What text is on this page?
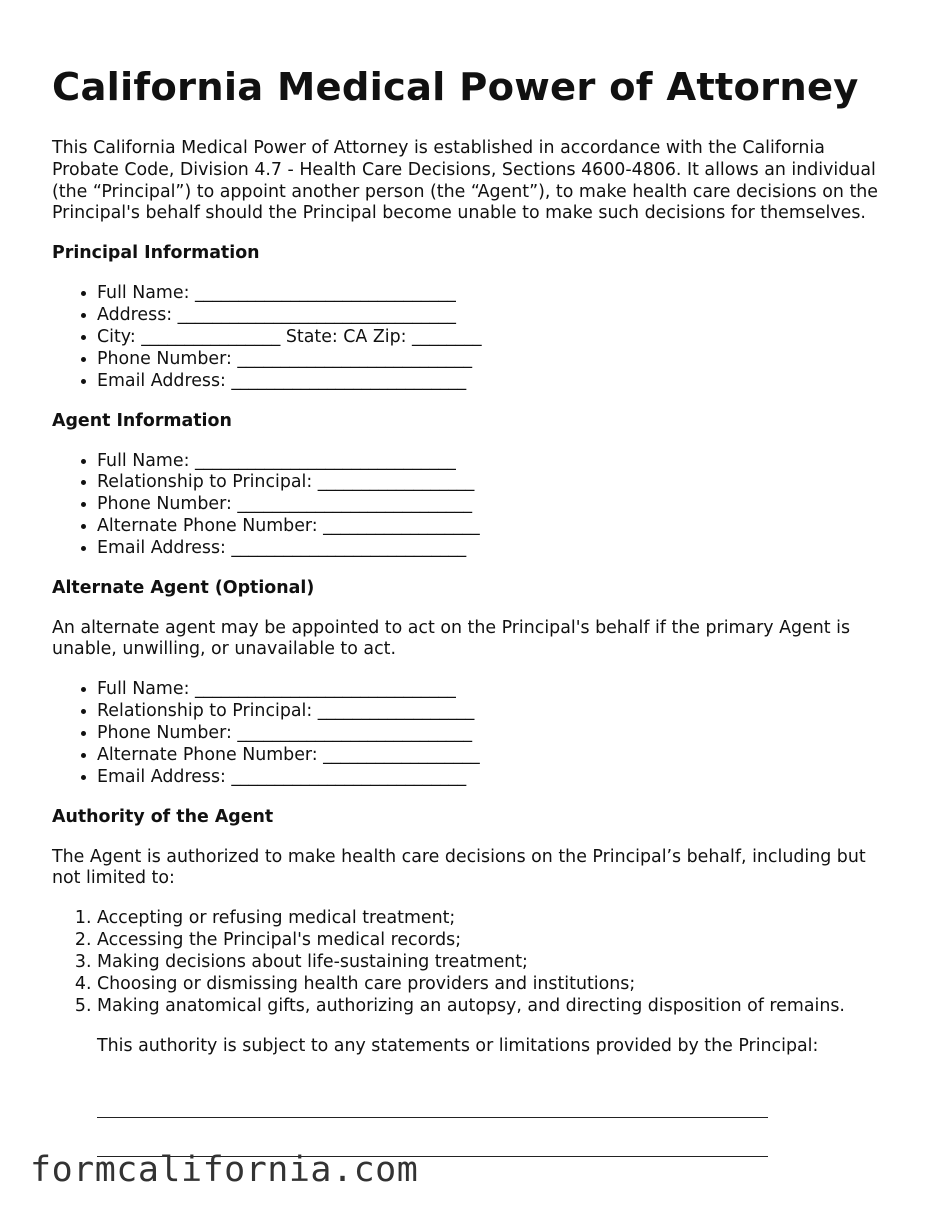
California Medical Power of Attorney

This California Medical Power of Attorney is established in accordance with the California Probate Code, Division 4.7 - Health Care Decisions, Sections 4600-4806. It allows an individual (the “Principal”) to appoint another person (the “Agent”), to make health care decisions on the Principal's behalf should the Principal become unable to make such decisions for themselves.

Principal Information
• Full Name: ______________________________
• Address: ________________________________
• City: ________________ State: CA Zip: ________
• Phone Number: ___________________________
• Email Address: ___________________________
Agent Information
• Full Name: ______________________________
• Relationship to Principal: __________________
• Phone Number: ___________________________
• Alternate Phone Number: __________________
• Email Address: ___________________________
Alternate Agent (Optional)

An alternate agent may be appointed to act on the Principal's behalf if the primary Agent is unable, unwilling, or unavailable to act.

• Full Name: ______________________________
• Relationship to Principal: __________________
• Phone Number: ___________________________
• Alternate Phone Number: __________________
• Email Address: ___________________________
Authority of the Agent

The Agent is authorized to make health care decisions on the Principal’s behalf, including but not limited to:

1. Accepting or refusing medical treatment;
2. Accessing the Principal's medical records;
3. Making decisions about life-sustaining treatment;
4. Choosing or dismissing health care providers and institutions;
5. Making anatomical gifts, authorizing an autopsy, and directing disposition of remains.

This authority is subject to any statements or limitations provided by the Principal:

formcalifornia.com
